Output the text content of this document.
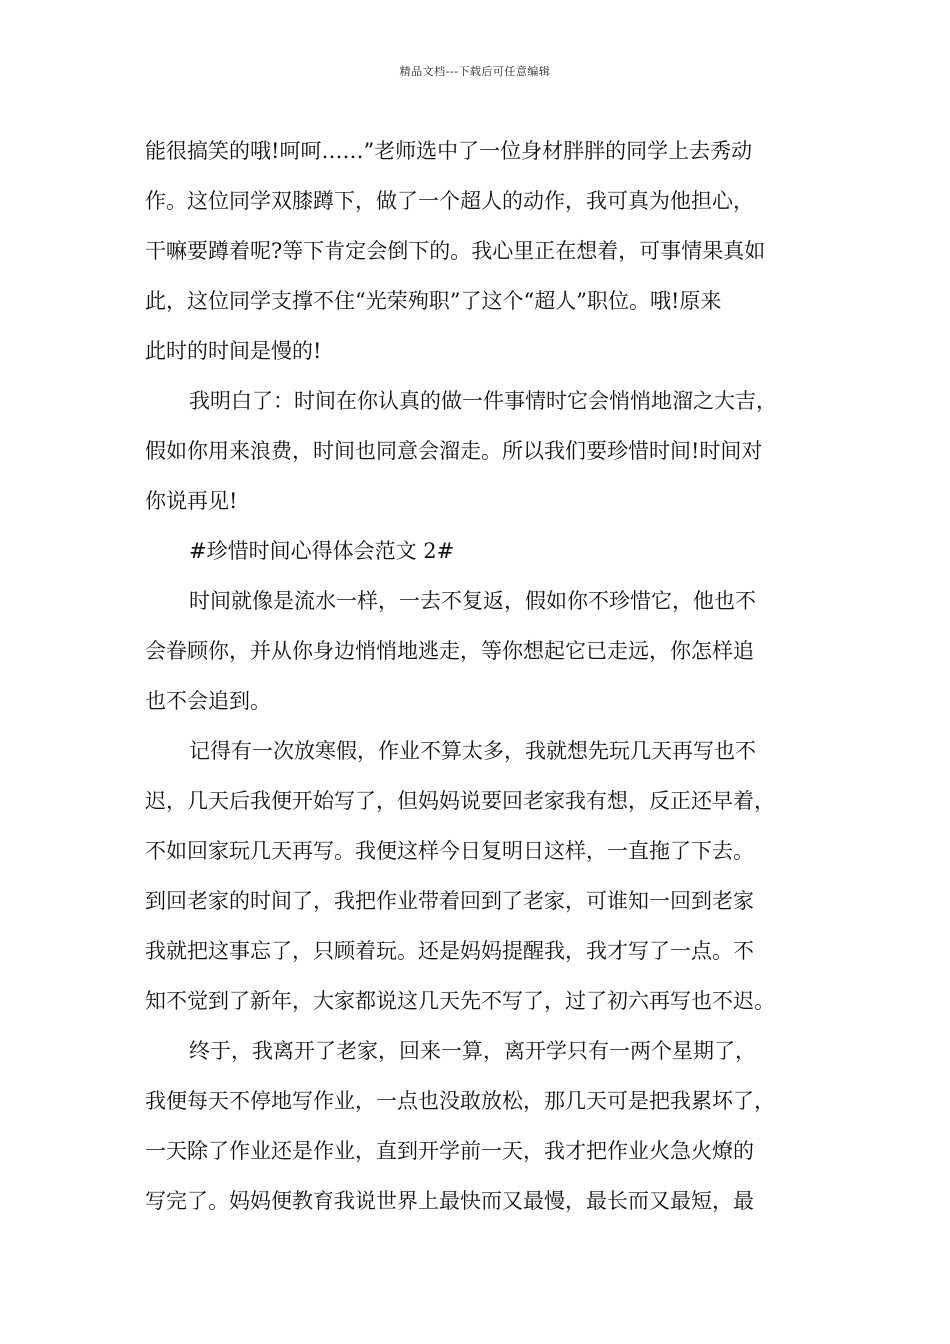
精品文档---下载后可任意编辑
能很搞笑的哦!呵呵……”老师选中了一位身材胖胖的同学上去秀动
作。这位同学双膝蹲下，做了一个超人的动作，我可真为他担心，
干嘛要蹲着呢?等下肯定会倒下的。我心里正在想着，可事情果真如
此，这位同学支撑不住“光荣殉职”了这个“超人”职位。哦!原来
此时的时间是慢的!
我明白了：时间在你认真的做一件事情时它会悄悄地溜之大吉，
假如你用来浪费，时间也同意会溜走。所以我们要珍惜时间!时间对
你说再见!
#珍惜时间心得体会范文 2#
时间就像是流水一样，一去不复返，假如你不珍惜它，他也不
会眷顾你，并从你身边悄悄地逃走，等你想起它已走远，你怎样追
也不会追到。
记得有一次放寒假，作业不算太多，我就想先玩几天再写也不
迟，几天后我便开始写了，但妈妈说要回老家我有想，反正还早着，
不如回家玩几天再写。我便这样今日复明日这样，一直拖了下去。
到回老家的时间了，我把作业带着回到了老家，可谁知一回到老家
我就把这事忘了，只顾着玩。还是妈妈提醒我，我才写了一点。不
知不觉到了新年，大家都说这几天先不写了，过了初六再写也不迟。
终于，我离开了老家，回来一算，离开学只有一两个星期了，
我便每天不停地写作业，一点也没敢放松，那几天可是把我累坏了，
一天除了作业还是作业，直到开学前一天，我才把作业火急火燎的
写完了。妈妈便教育我说世界上最快而又最慢，最长而又最短，最
